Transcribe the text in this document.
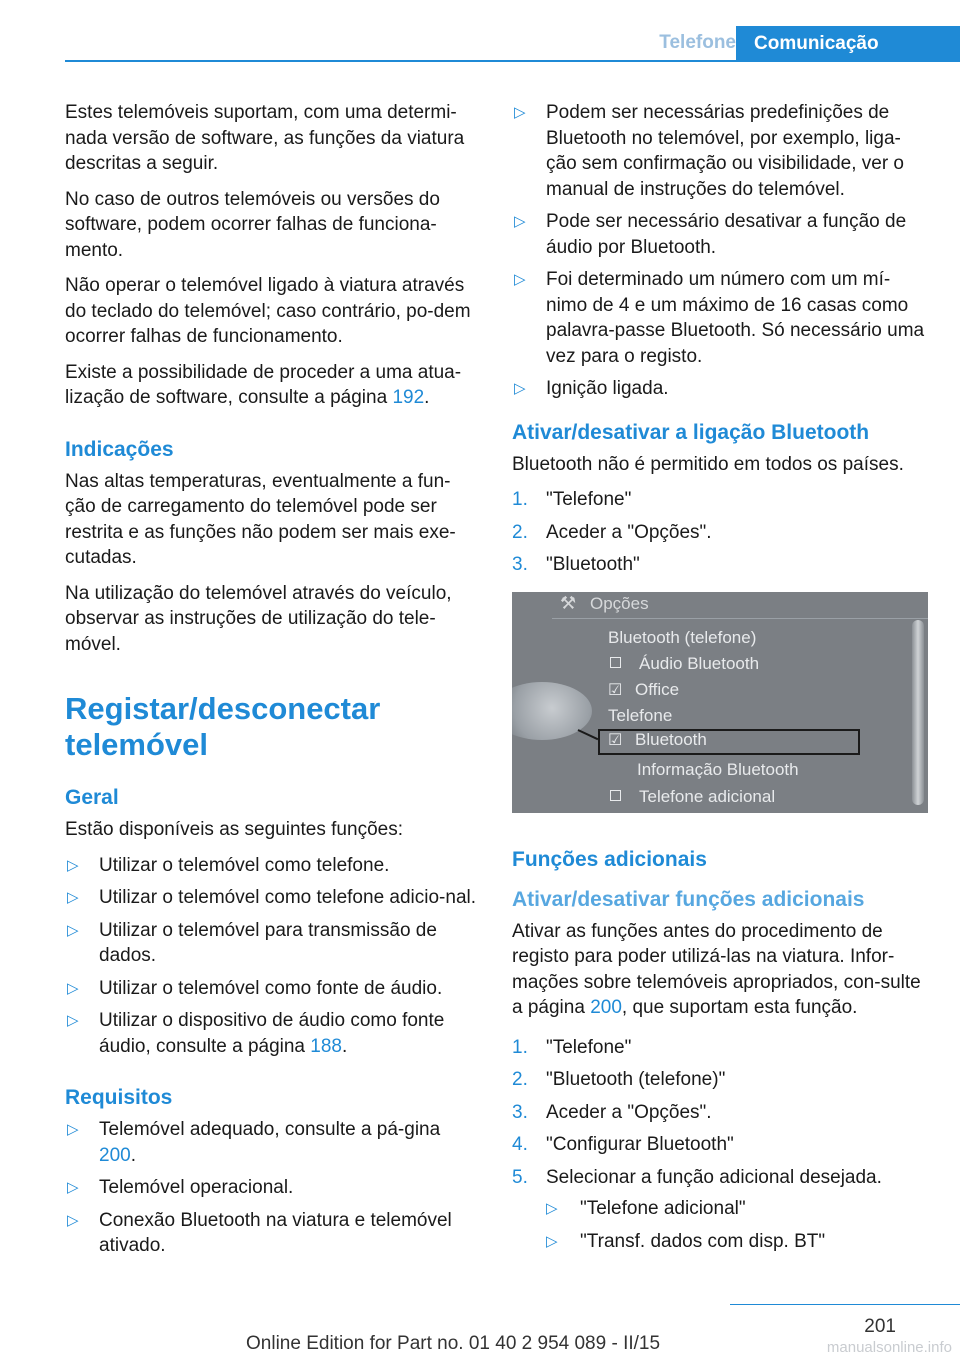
Telefone Comunicação

Estes telemóveis suportam, com uma determi-nada versão de software, as funções da viatura descritas a seguir.

No caso de outros telemóveis ou versões do software, podem ocorrer falhas de funciona-mento.

Não operar o telemóvel ligado à viatura através do teclado do telemóvel; caso contrário, po-dem ocorrer falhas de funcionamento.

Existe a possibilidade de proceder a uma atua-lização de software, consulte a página 192.

Indicações

Nas altas temperaturas, eventualmente a fun-ção de carregamento do telemóvel pode ser restrita e as funções não podem ser mais exe-cutadas.

Na utilização do telemóvel através do veículo, observar as instruções de utilização do tele-móvel.

Registar/desconectar telemóvel
Geral

Estão disponíveis as seguintes funções:

▷ Utilizar o telemóvel como telefone.
▷ Utilizar o telemóvel como telefone adicio-nal.
▷ Utilizar o telemóvel para transmissão de dados.
▷ Utilizar o telemóvel como fonte de áudio.
▷ Utilizar o dispositivo de áudio como fonte áudio, consulte a página 188.
Requisitos
▷ Telemóvel adequado, consulte a pá-gina 200.
▷ Telemóvel operacional.
▷ Conexão Bluetooth na viatura e telemóvel ativado.
▷ Podem ser necessárias predefinições de Bluetooth no telemóvel, por exemplo, liga-ção sem confirmação ou visibilidade, ver o manual de instruções do telemóvel.
▷ Pode ser necessário desativar a função de áudio por Bluetooth.
▷ Foi determinado um número com um mí-nimo de 4 e um máximo de 16 casas como palavra-passe Bluetooth. Só necessário uma vez para o registo.
▷ Ignição ligada.
Ativar/desativar a ligação Bluetooth

Bluetooth não é permitido em todos os países.

1. "Telefone"
2. Aceder a "Opções".
3. "Bluetooth"
⚒ Opções
Bluetooth (telefone)
Áudio Bluetooth
☑ Office
Telefone
☑ Bluetooth
Informação Bluetooth
Telefone adicional
Funções adicionais
Ativar/desativar funções adicionais

Ativar as funções antes do procedimento de registo para poder utilizá-las na viatura. Infor-mações sobre telemóveis apropriados, con-sulte a página 200, que suportam esta função.

1. "Telefone"
2. "Bluetooth (telefone)"
3. Aceder a "Opções".
4. "Configurar Bluetooth"
5. Selecionar a função adicional desejada.
▷ "Telefone adicional"
▷ "Transf. dados com disp. BT"
201
Online Edition for Part no. 01 40 2 954 089 - II/15	manualsonline.info
